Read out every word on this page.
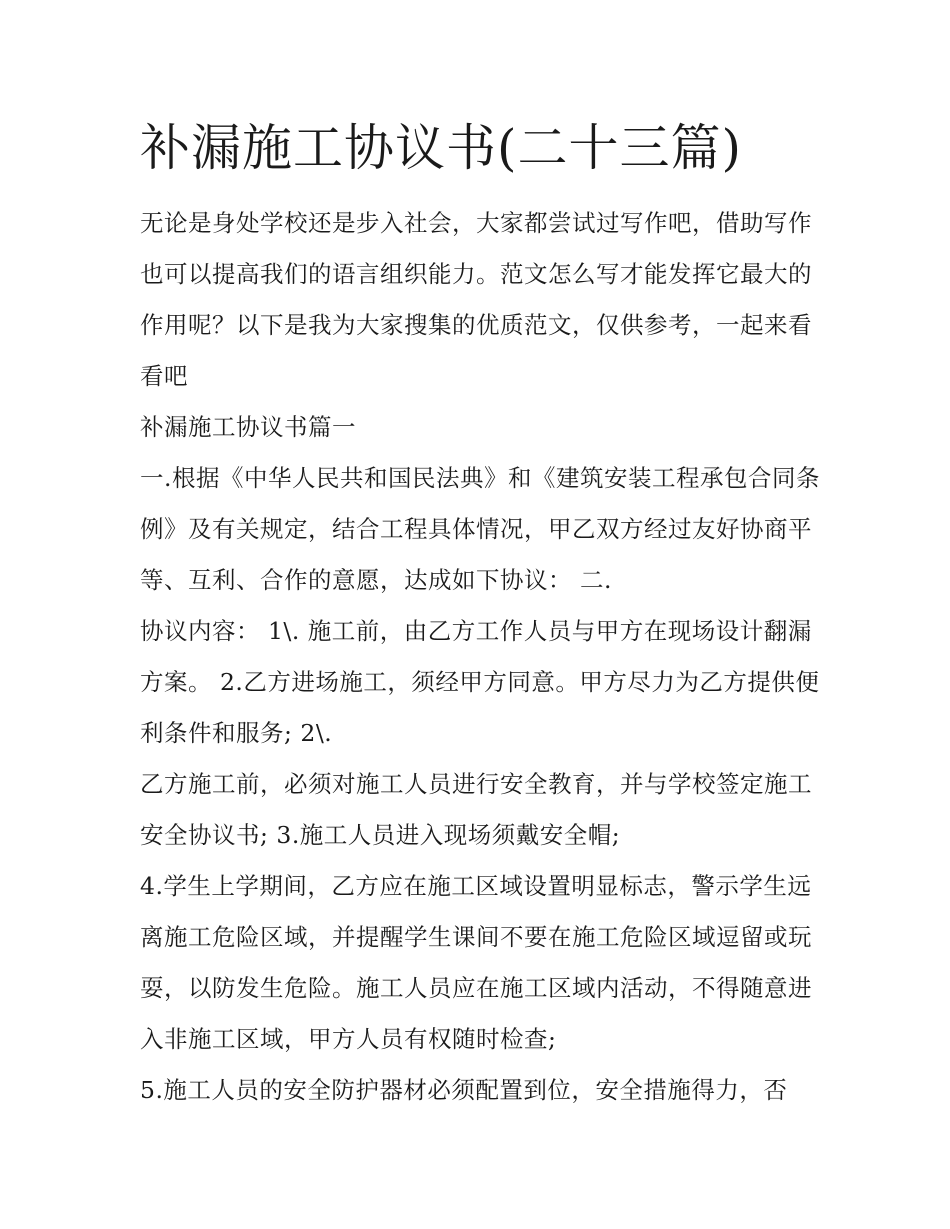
补漏施工协议书(二十三篇)

无论是身处学校还是步入社会，大家都尝试过写作吧，借助写作也可以提高我们的语言组织能力。范文怎么写才能发挥它最大的作用呢？以下是我为大家搜集的优质范文，仅供参考，一起来看看吧

补漏施工协议书篇一

一.根据《中华人民共和国民法典》和《建筑安装工程承包合同条例》及有关规定，结合工程具体情况，甲乙双方经过友好协商平等、互利、合作的意愿，达成如下协议： 二.

协议内容： 1\. 施工前，由乙方工作人员与甲方在现场设计翻漏方案。 2.乙方进场施工，须经甲方同意。甲方尽力为乙方提供便利条件和服务; 2\.

乙方施工前，必须对施工人员进行安全教育，并与学校签定施工安全协议书; 3.施工人员进入现场须戴安全帽;

4.学生上学期间，乙方应在施工区域设置明显标志，警示学生远离施工危险区域，并提醒学生课间不要在施工危险区域逗留或玩耍，以防发生危险。施工人员应在施工区域内活动，不得随意进入非施工区域，甲方人员有权随时检查;

5.施工人员的安全防护器材必须配置到位，安全措施得力，否
